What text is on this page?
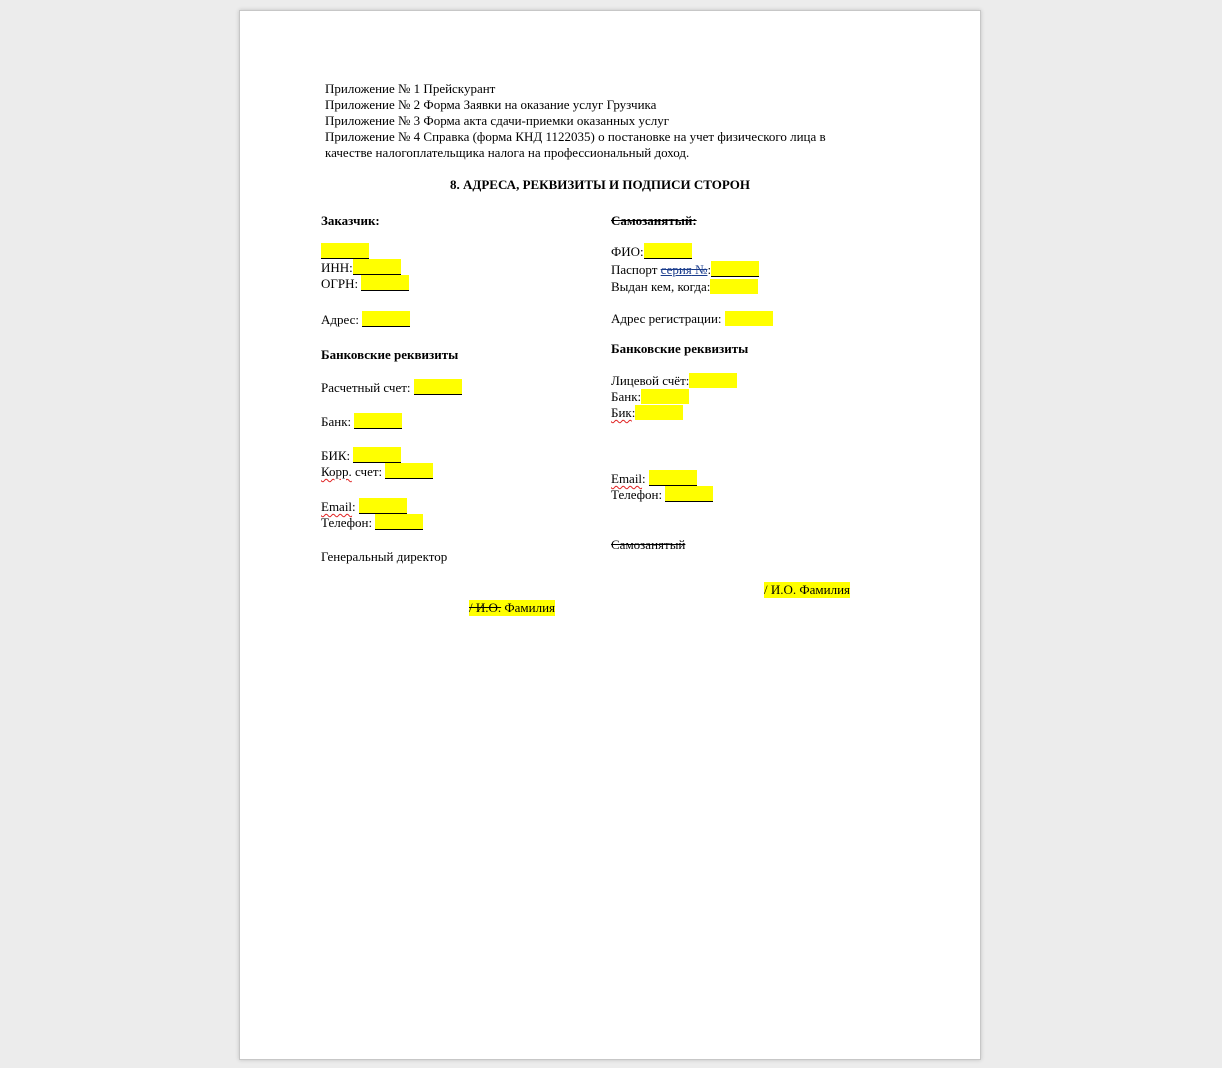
Приложение № 1 Прейскурант
Приложение № 2 Форма Заявки на оказание услуг Грузчика
Приложение № 3 Форма акта сдачи-приемки оказанных услуг
Приложение № 4 Справка (форма КНД 1122035) о постановке на учет физического лица в
качестве налогоплательщика налога на профессиональный доход.
8. АДРЕСА, РЕКВИЗИТЫ И ПОДПИСИ СТОРОН
Заказчик:
ИНН:
ОГРН:
Адрес:
Банковские реквизиты
Расчетный счет:
Банк:
БИК:
Корр. счет:
Email:
Телефон:
Генеральный директор
/ И.О. Фамилия
Самозанятый:
ФИО:
Паспорт серия №:
Выдан кем, когда:
Адрес регистрации:
Банковские реквизиты
Лицевой счёт:
Банк:
Бик:
Email:
Телефон:
Самозанятый
/ И.О. Фамилия
